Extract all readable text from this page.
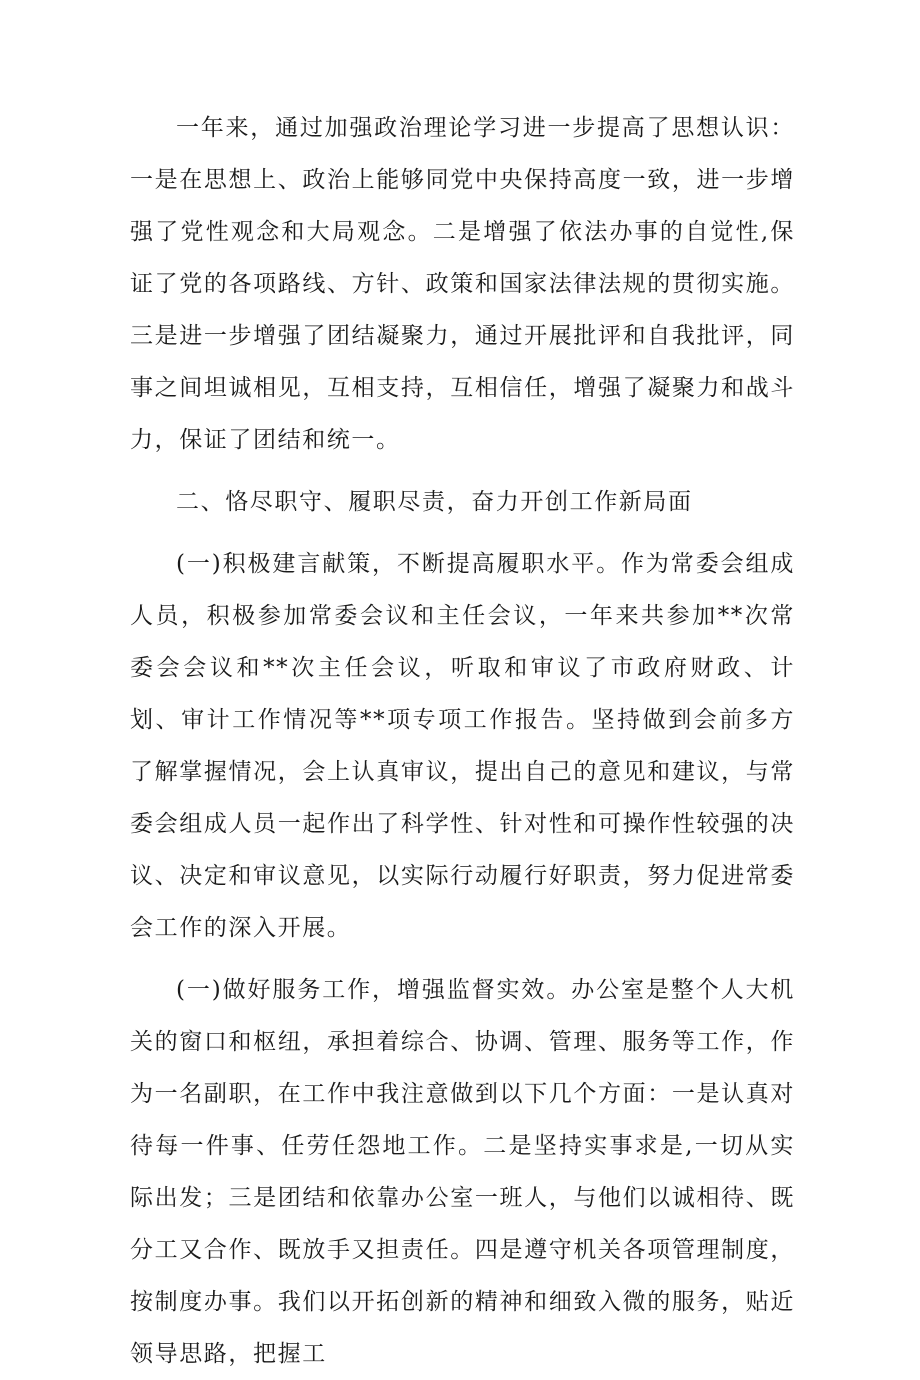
一年来，通过加强政治理论学习进一步提高了思想认识：一是在思想上、政治上能够同党中央保持高度一致，进一步增强了党性观念和大局观念。二是增强了依法办事的自觉性,保证了党的各项路线、方针、政策和国家法律法规的贯彻实施。三是进一步增强了团结凝聚力，通过开展批评和自我批评，同事之间坦诚相见，互相支持，互相信任，增强了凝聚力和战斗力，保证了团结和统一。

二、恪尽职守、履职尽责，奋力开创工作新局面

(一)积极建言献策，不断提高履职水平。作为常委会组成人员，积极参加常委会议和主任会议，一年来共参加**次常委会会议和**次主任会议，听取和审议了市政府财政、计划、审计工作情况等**项专项工作报告。坚持做到会前多方了解掌握情况，会上认真审议，提出自己的意见和建议，与常委会组成人员一起作出了科学性、针对性和可操作性较强的决议、决定和审议意见，以实际行动履行好职责，努力促进常委会工作的深入开展。

(一)做好服务工作，增强监督实效。办公室是整个人大机关的窗口和枢纽，承担着综合、协调、管理、服务等工作，作为一名副职，在工作中我注意做到以下几个方面：一是认真对待每一件事、任劳任怨地工作。二是坚持实事求是,一切从实际出发；三是团结和依靠办公室一班人，与他们以诚相待、既分工又合作、既放手又担责任。四是遵守机关各项管理制度，按制度办事。我们以开拓创新的精神和细致入微的服务，贴近领导思路，把握工
